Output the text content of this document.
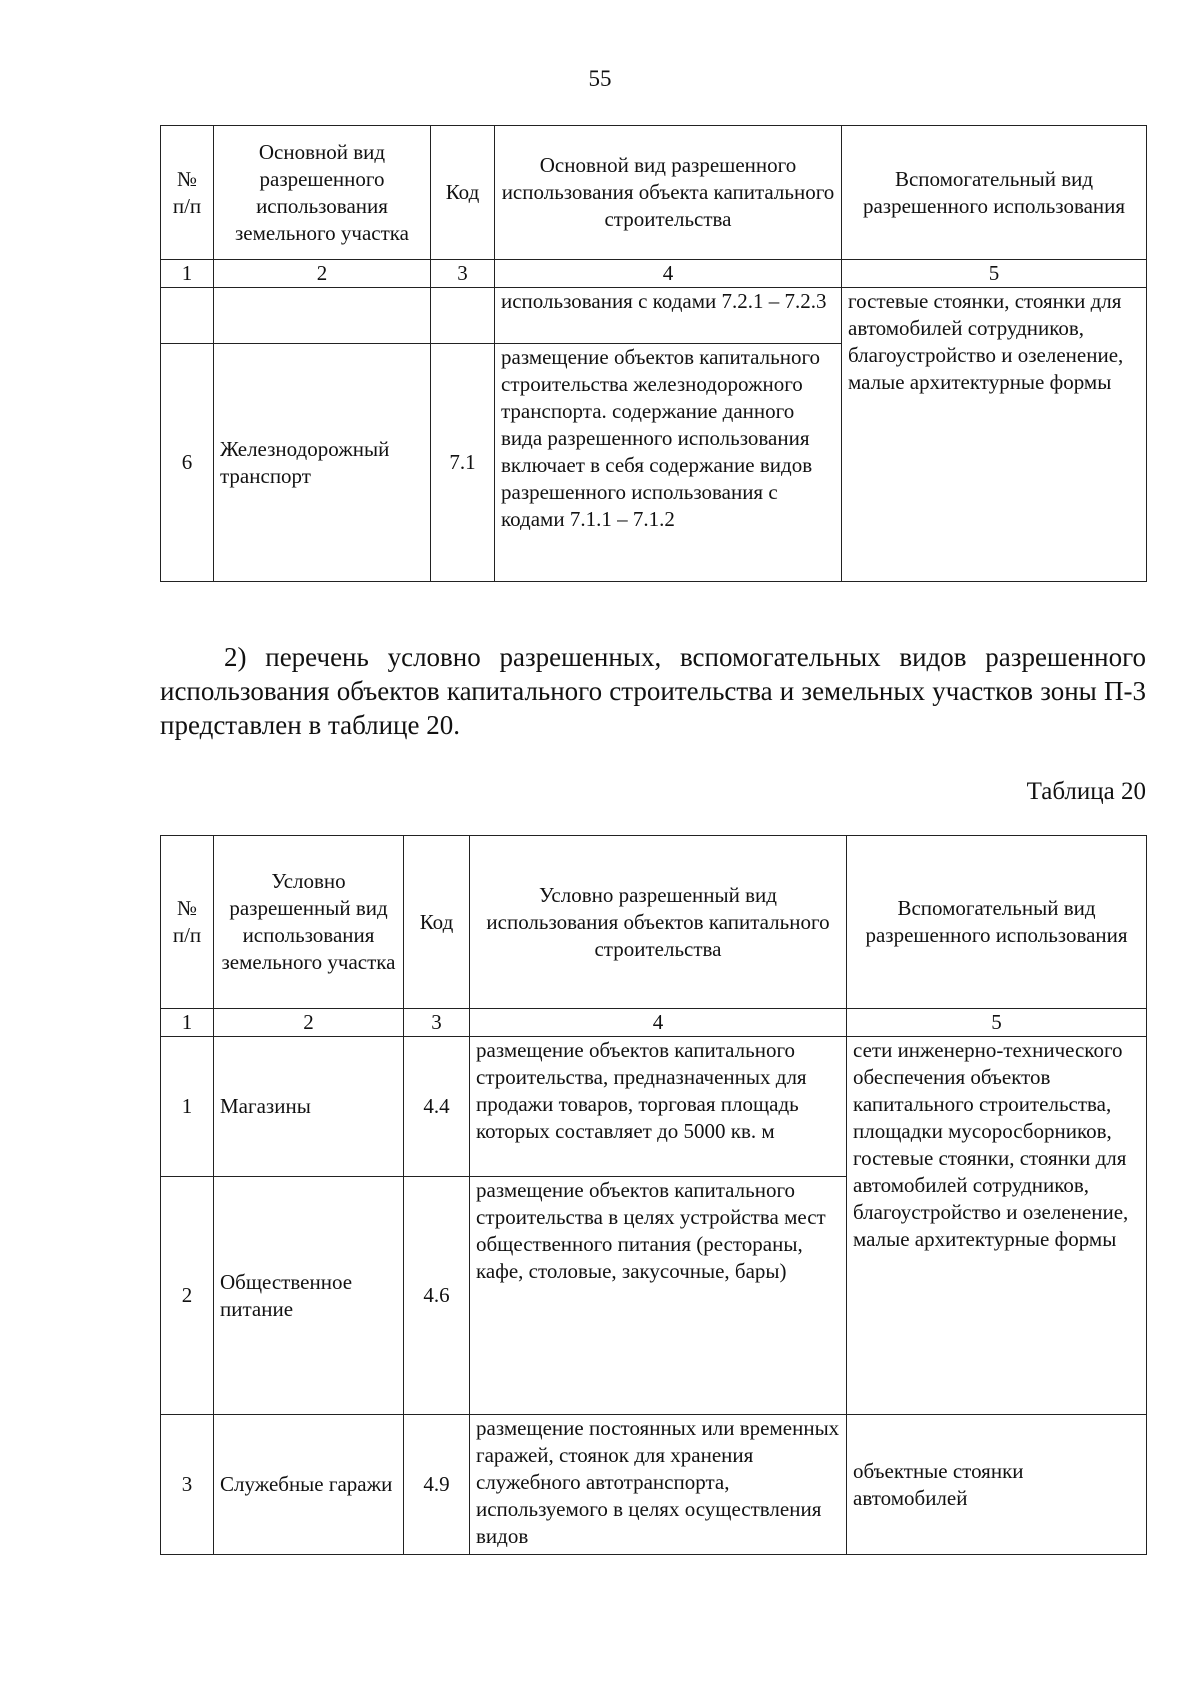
55
№ п/п	Основной вид разрешенного использования земельного участка	Код	Основной вид разрешенного использования объекта капитального строительства	Вспомогательный вид разрешенного использования
1	2	3	4	5
			использования с кодами 7.2.1 – 7.2.3	гостевые стоянки, стоянки для автомобилей сотрудников, благоустройство и озеленение, малые архитектурные формы
6	Железнодорожный транспорт	7.1	размещение объектов капитального строительства железнодорожного транспорта. содержание данного вида разрешенного использования включает в себя содержание видов разрешенного использования с кодами 7.1.1 – 7.1.2	
2) перечень условно разрешенных, вспомогательных видов разрешенного использования объектов капитального строительства и земельных участков зоны П-3 представлен в таблице 20.
Таблица 20
№ п/п	Условно разрешенный вид использования земельного участка	Код	Условно разрешенный вид использования объектов капитального строительства	Вспомогательный вид разрешенного использования
1	2	3	4	5
1	Магазины	4.4	размещение объектов капитального строительства, предназначенных для продажи товаров, торговая площадь которых составляет до 5000 кв. м	сети инженерно-технического обеспечения объектов капитального строительства, площадки мусоросборников, гостевые стоянки, стоянки для автомобилей сотрудников, благоустройство и озеленение, малые архитектурные формы
2	Общественное питание	4.6	размещение объектов капитального строительства в целях устройства мест общественного питания (рестораны, кафе, столовые, закусочные, бары)	
3	Служебные гаражи	4.9	размещение постоянных или временных гаражей, стоянок для хранения служебного автотранспорта, используемого в целях осуществления видов	объектные стоянки автомобилей
